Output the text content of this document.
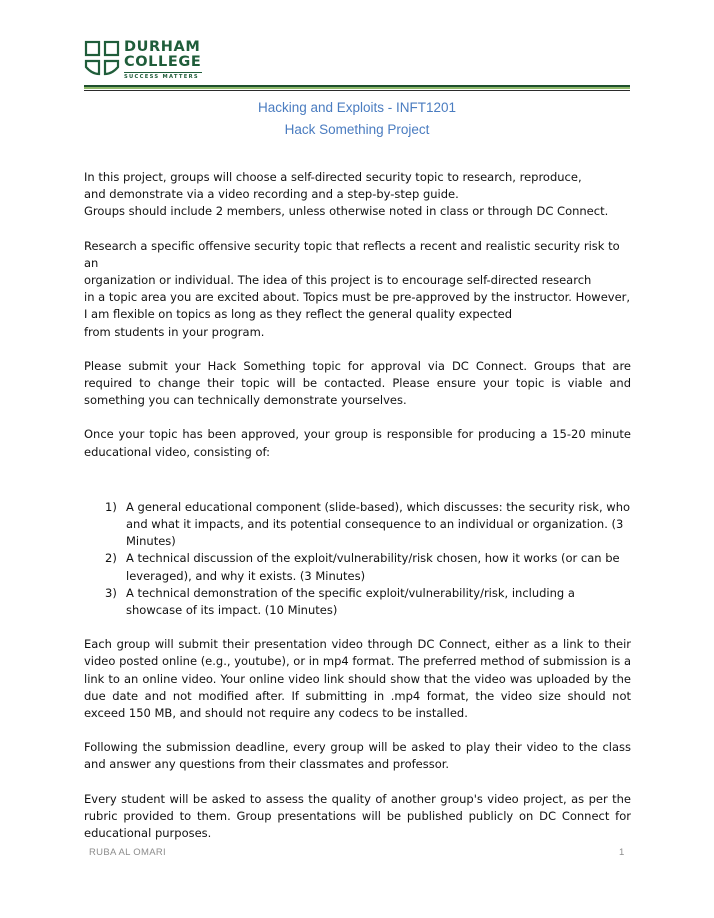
DURHAM
COLLEGE
SUCCESS MATTERS
Hacking and Exploits - INFT1201
Hack Something Project

In this project, groups will choose a self-directed security topic to research, reproduce,

and demonstrate via a video recording and a step-by-step guide.

Groups should include 2 members, unless otherwise noted in class or through DC Connect.

Research a specific offensive security topic that reflects a recent and realistic security risk to an

organization or individual. The idea of this project is to encourage self-directed research

in a topic area you are excited about. Topics must be pre-approved by the instructor. However,

I am flexible on topics as long as they reflect the general quality expected

from students in your program.

Please submit your Hack Something topic for approval via DC Connect. Groups that are required to change their topic will be contacted. Please ensure your topic is viable and something you can technically demonstrate yourselves.

Once your topic has been approved, your group is responsible for producing a 15-20 minute educational video, consisting of:

1) A general educational component (slide-based), which discusses: the security risk, who and what it impacts, and its potential consequence to an individual or organization. (3 Minutes)
2) A technical discussion of the exploit/vulnerability/risk chosen, how it works (or can be leveraged), and why it exists. (3 Minutes)
3) A technical demonstration of the specific exploit/vulnerability/risk, including a showcase of its impact. (10 Minutes)

Each group will submit their presentation video through DC Connect, either as a link to their video posted online (e.g., youtube), or in mp4 format. The preferred method of submission is a link to an online video. Your online video link should show that the video was uploaded by the due date and not modified after. If submitting in .mp4 format, the video size should not exceed 150 MB, and should not require any codecs to be installed.

Following the submission deadline, every group will be asked to play their video to the class and answer any questions from their classmates and professor.

Every student will be asked to assess the quality of another group's video project, as per the rubric provided to them. Group presentations will be published publicly on DC Connect for educational purposes.

RUBA AL OMARI	1
